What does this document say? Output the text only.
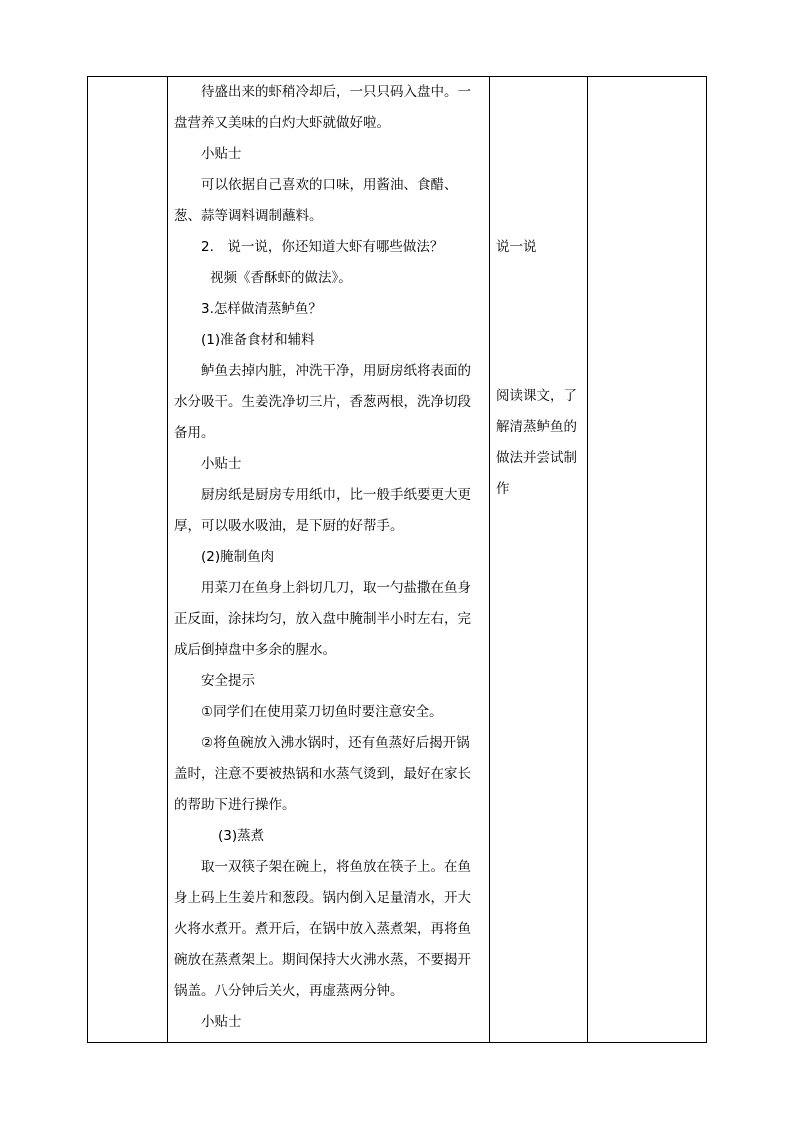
待盛出来的虾稍冷却后，一只只码入盘中。一盘营养又美味的白灼大虾就做好啦。

小贴士

可以依据自己喜欢的口味，用酱油、食醋、葱、蒜等调料调制蘸料。

2.　说一说，你还知道大虾有哪些做法？

视频《香酥虾的做法》。

3.怎样做清蒸鲈鱼？

(1)准备食材和辅料

鲈鱼去掉内脏，冲洗干净，用厨房纸将表面的水分吸干。生姜洗净切三片，香葱两根，洗净切段备用。

小贴士

厨房纸是厨房专用纸巾，比一般手纸要更大更厚，可以吸水吸油，是下厨的好帮手。

(2)腌制鱼肉

用菜刀在鱼身上斜切几刀，取一勺盐撒在鱼身正反面，涂抹均匀，放入盘中腌制半小时左右，完成后倒掉盘中多余的腥水。

安全提示

①同学们在使用菜刀切鱼时要注意安全。

②将鱼碗放入沸水锅时，还有鱼蒸好后揭开锅盖时，注意不要被热锅和水蒸气烫到，最好在家长的帮助下进行操作。

(3)蒸煮

取一双筷子架在碗上，将鱼放在筷子上。在鱼身上码上生姜片和葱段。锅内倒入足量清水，开大火将水煮开。煮开后，在锅中放入蒸煮架，再将鱼碗放在蒸煮架上。期间保持大火沸水蒸，不要揭开锅盖。八分钟后关火，再虚蒸两分钟。

小贴士

说一说

阅读课文，了解清蒸鲈鱼的做法并尝试制作
